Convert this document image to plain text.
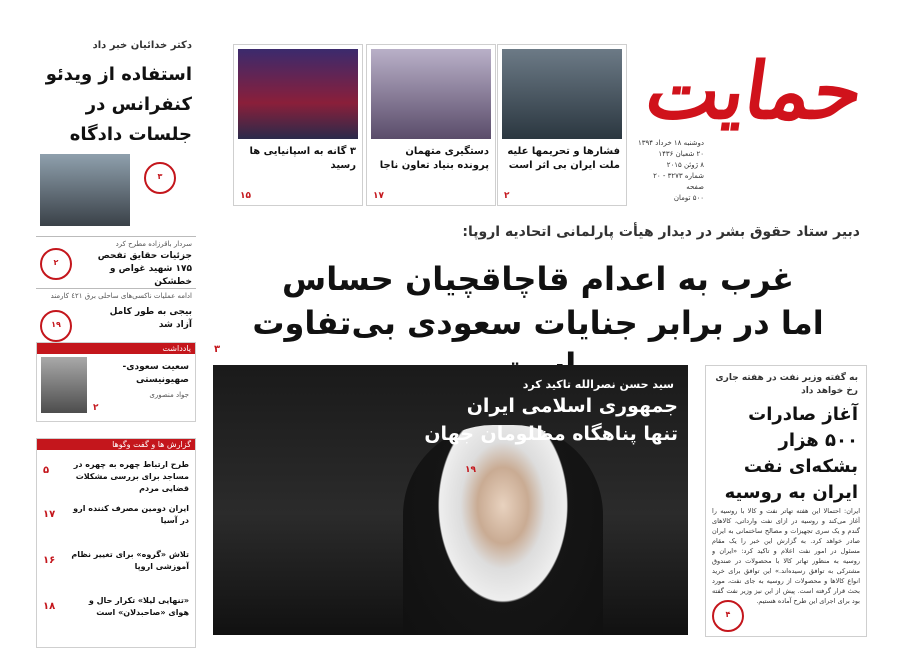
حمایت
دوشنبه ۱۸ خرداد ۱۳۹۴
۲۰ شعبان ۱۴۳۶
۸ ژوئن ۲۰۱۵
شماره ۳۲۷۳ - ۲۰ صفحه
۵۰۰ تومان
فشارها و تحریمها علیه ملت ایران بی اثر است
۲
دستگیری متهمان پرونده بنیاد تعاون ناجا
۱۷
۳ گانه به اسپانیایی ها رسید
۱۵
دکتر خدائیان خبر داد
استفاده از ویدئو کنفرانس در جلسات دادگاه
۳
سردار باقرزاده مطرح کرد
جزئیات حقایق تفحص ۱۷۵ شهید غواص و خطشکن
۲
ادامه عملیات ناکسی‌های ساحلی برق ٤۲۱ کارمند
بیجی به طور کامل آزاد شد
۱۹
یادداشت
سعیت سعودی-صهیونیستی
جواد منصوری
۲
گزارش ها و گفت وگوها
طرح ارتباط چهره به چهره در مساجد برای بررسی مشکلات قضایی مردم
۵
ایران دومین مصرف کننده ارو در آسیا
۱۷
تلاش «گروه» برای تغییر نظام آموزشی اروپا
۱۶
«تنهایی لیلا» تکرار حال و هوای «صاحبدلان» است
۱۸
دبیر ستاد حقوق بشر در دیدار هیأت پارلمانی اتحادیه اروپا:
غرب به اعدام قاچاقچیان حساس
اما در برابر جنایات سعودی بی‌تفاوت
۳
سید حسن نصرالله تاکید کرد
جمهوری اسلامی ایران
تنها پناهگاه مظلومان جهان
۱۹
به گفته وزیر نفت در هفته جاری رخ خواهد داد
آغاز صادرات ۵۰۰ هزار بشکه‌ای نفت ایران به روسیه
ایران: احتمالا این هفته تهاتر نفت و کالا با روسیه را آغاز می‌کند و روسیه در ازای نفت وارداتی، کالاهای گندم و یک سری تجهیزات و مصالح ساختمانی به ایران صادر خواهد کرد. به گزارش این خبر را یک مقام مسئول در امور نفت اعلام و تاکید کرد: «ایران و روسیه به منظور تهاتر کالا با محصولات در صندوق مشترکی به توافق رسیده‌اند.» این توافق برای خرید انواع کالاها و محصولات از روسیه به جای نفت، مورد بحث قرار گرفته است. پیش از این نیز وزیر نفت گفته بود برای اجرای این طرح آماده هستیم.
۴
